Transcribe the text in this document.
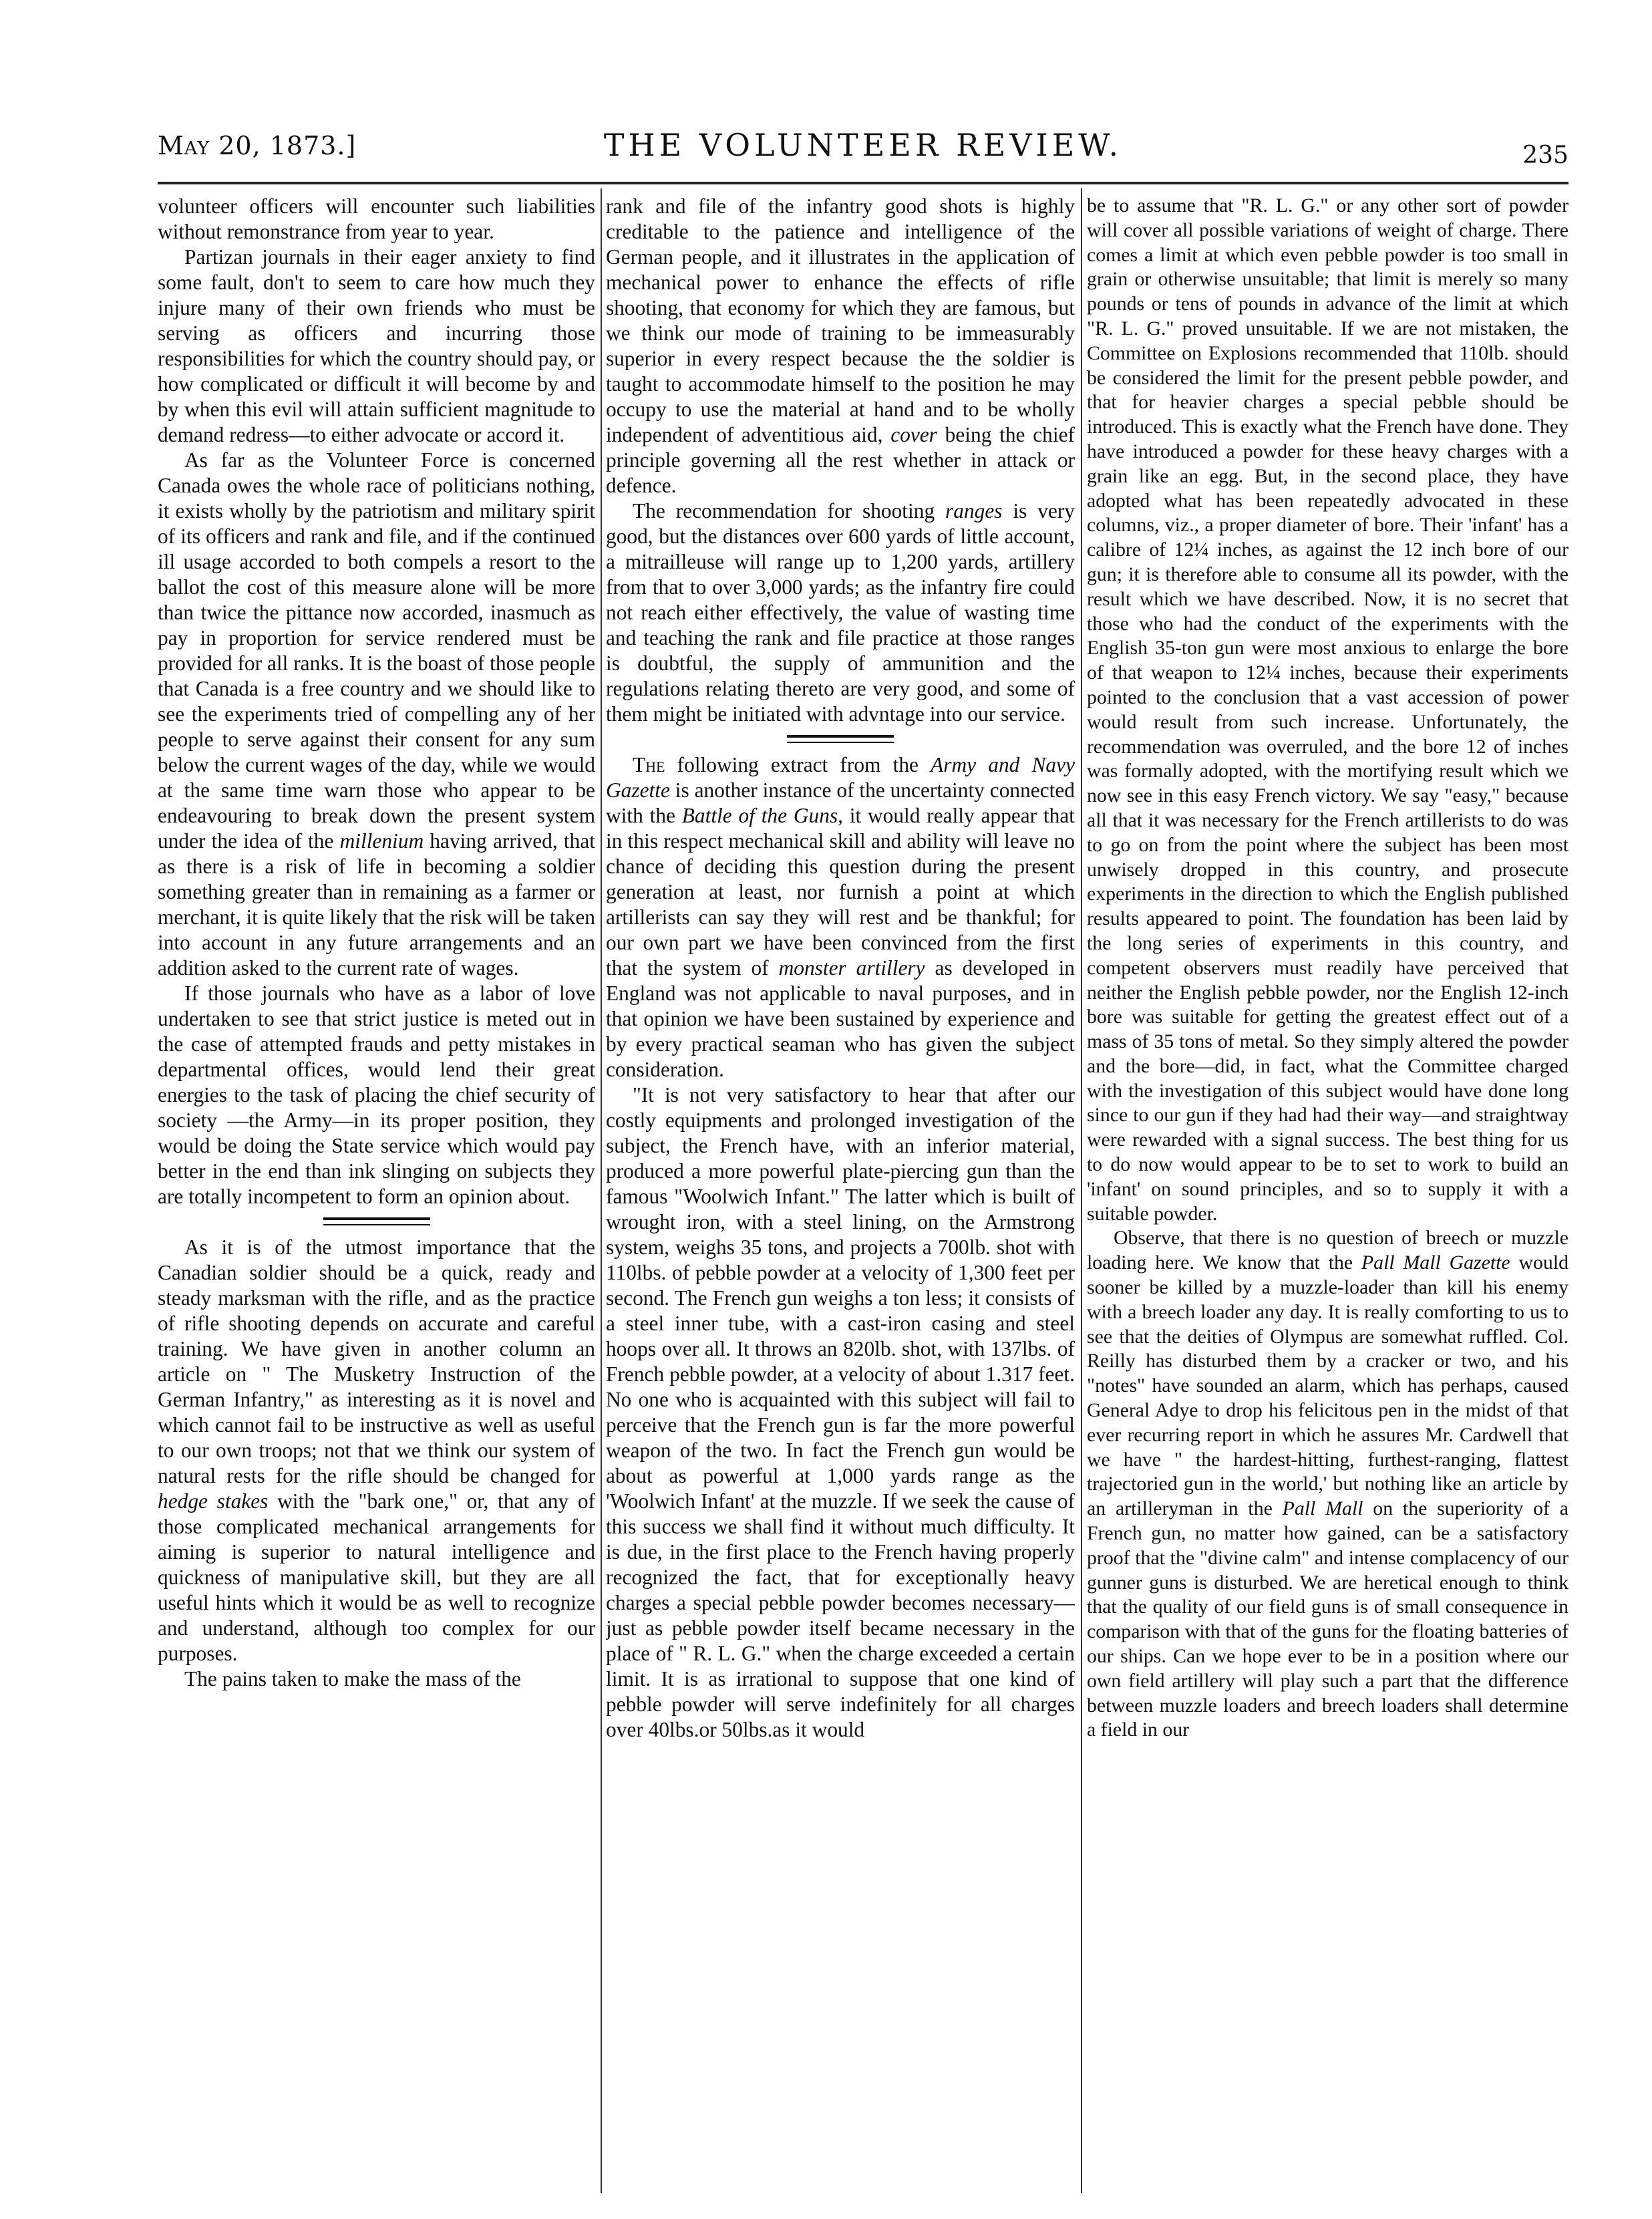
May 20, 1873.]	THE VOLUNTEER REVIEW.	235

volunteer officers will encounter such liabilities without remonstrance from year to year.

Partizan journals in their eager anxiety to find some fault, don't to seem to care how much they injure many of their own friends who must be serving as officers and incurring those responsibilities for which the country should pay, or how complicated or difficult it will become by and by when this evil will attain sufficient magnitude to demand redress—to either advocate or accord it.

As far as the Volunteer Force is concerned Canada owes the whole race of politicians nothing, it exists wholly by the patriotism and military spirit of its officers and rank and file, and if the continued ill usage accorded to both compels a resort to the ballot the cost of this measure alone will be more than twice the pittance now accorded, inasmuch as pay in proportion for service rendered must be provided for all ranks. It is the boast of those people that Canada is a free country and we should like to see the experiments tried of compelling any of her people to serve against their consent for any sum below the current wages of the day, while we would at the same time warn those who appear to be endeavouring to break down the present system under the idea of the millenium having arrived, that as there is a risk of life in becoming a soldier something greater than in remaining as a farmer or merchant, it is quite likely that the risk will be taken into account in any future arrangements and an addition asked to the current rate of wages.

If those journals who have as a labor of love undertaken to see that strict justice is meted out in the case of attempted frauds and petty mistakes in departmental offices, would lend their great energies to the task of placing the chief security of society —the Army—in its proper position, they would be doing the State service which would pay better in the end than ink slinging on subjects they are totally incompetent to form an opinion about.

As it is of the utmost importance that the Canadian soldier should be a quick, ready and steady marksman with the rifle, and as the practice of rifle shooting depends on accurate and careful training. We have given in another column an article on " The Musketry Instruction of the German Infantry," as interesting as it is novel and which cannot fail to be instructive as well as useful to our own troops; not that we think our system of natural rests for the rifle should be changed for hedge stakes with the "bark one," or, that any of those complicated mechanical arrangements for aiming is superior to natural intelligence and quickness of manipulative skill, but they are all useful hints which it would be as well to recognize and understand, although too complex for our purposes.

The pains taken to make the mass of the

rank and file of the infantry good shots is highly creditable to the patience and intelligence of the German people, and it illustrates in the application of mechanical power to enhance the effects of rifle shooting, that economy for which they are famous, but we think our mode of training to be immeasurably superior in every respect because the the soldier is taught to accommodate himself to the position he may occupy to use the material at hand and to be wholly independent of adventitious aid, cover being the chief principle governing all the rest whether in attack or defence.

The recommendation for shooting ranges is very good, but the distances over 600 yards of little account, a mitrailleuse will range up to 1,200 yards, artillery from that to over 3,000 yards; as the infantry fire could not reach either effectively, the value of wasting time and teaching the rank and file practice at those ranges is doubtful, the supply of ammunition and the regulations relating thereto are very good, and some of them might be initiated with advntage into our service.

The following extract from the Army and Navy Gazette is another instance of the uncertainty connected with the Battle of the Guns, it would really appear that in this respect mechanical skill and ability will leave no chance of deciding this question during the present generation at least, nor furnish a point at which artillerists can say they will rest and be thankful; for our own part we have been convinced from the first that the system of monster artillery as developed in England was not applicable to naval purposes, and in that opinion we have been sustained by experience and by every practical seaman who has given the subject consideration.

"It is not very satisfactory to hear that after our costly equipments and prolonged investigation of the subject, the French have, with an inferior material, produced a more powerful plate-piercing gun than the famous "Woolwich Infant." The latter which is built of wrought iron, with a steel lining, on the Armstrong system, weighs 35 tons, and projects a 700lb. shot with 110lbs. of pebble powder at a velocity of 1,300 feet per second. The French gun weighs a ton less; it consists of a steel inner tube, with a cast-iron casing and steel hoops over all. It throws an 820lb. shot, with 137lbs. of French pebble powder, at a velocity of about 1.317 feet. No one who is acquainted with this subject will fail to perceive that the French gun is far the more powerful weapon of the two. In fact the French gun would be about as powerful at 1,000 yards range as the 'Woolwich Infant' at the muzzle. If we seek the cause of this success we shall find it without much difficulty. It is due, in the first place to the French having properly recognized the fact, that for exceptionally heavy charges a special pebble powder becomes necessary—just as pebble powder itself became necessary in the place of " R. L. G." when the charge exceeded a certain limit. It is as irrational to suppose that one kind of pebble powder will serve indefinitely for all charges over 40lbs.or 50lbs.as it would

be to assume that "R. L. G." or any other sort of powder will cover all possible variations of weight of charge. There comes a limit at which even pebble powder is too small in grain or otherwise unsuitable; that limit is merely so many pounds or tens of pounds in advance of the limit at which "R. L. G." proved unsuitable. If we are not mistaken, the Committee on Explosions recommended that 110lb. should be considered the limit for the present pebble powder, and that for heavier charges a special pebble should be introduced. This is exactly what the French have done. They have introduced a powder for these heavy charges with a grain like an egg. But, in the second place, they have adopted what has been repeatedly advocated in these columns, viz., a proper diameter of bore. Their 'infant' has a calibre of 12¼ inches, as against the 12 inch bore of our gun; it is therefore able to consume all its powder, with the result which we have described. Now, it is no secret that those who had the conduct of the experiments with the English 35-ton gun were most anxious to enlarge the bore of that weapon to 12¼ inches, because their experiments pointed to the conclusion that a vast accession of power would result from such increase. Unfortunately, the recommendation was overruled, and the bore 12 of inches was formally adopted, with the mortifying result which we now see in this easy French victory. We say "easy," because all that it was necessary for the French artillerists to do was to go on from the point where the subject has been most unwisely dropped in this country, and prosecute experiments in the direction to which the English published results appeared to point. The foundation has been laid by the long series of experiments in this country, and competent observers must readily have perceived that neither the English pebble powder, nor the English 12-inch bore was suitable for getting the greatest effect out of a mass of 35 tons of metal. So they simply altered the powder and the bore—did, in fact, what the Committee charged with the investigation of this subject would have done long since to our gun if they had had their way—and straightway were rewarded with a signal success. The best thing for us to do now would appear to be to set to work to build an 'infant' on sound principles, and so to supply it with a suitable powder.

Observe, that there is no question of breech or muzzle loading here. We know that the Pall Mall Gazette would sooner be killed by a muzzle-loader than kill his enemy with a breech loader any day. It is really comforting to us to see that the deities of Olympus are somewhat ruffled. Col. Reilly has disturbed them by a cracker or two, and his "notes" have sounded an alarm, which has perhaps, caused General Adye to drop his felicitous pen in the midst of that ever recurring report in which he assures Mr. Cardwell that we have " the hardest-hitting, furthest-ranging, flattest trajectoried gun in the world,' but nothing like an article by an artilleryman in the Pall Mall on the superiority of a French gun, no matter how gained, can be a satisfactory proof that the "divine calm" and intense complacency of our gunner guns is disturbed. We are heretical enough to think that the quality of our field guns is of small consequence in comparison with that of the guns for the floating batteries of our ships. Can we hope ever to be in a position where our own field artillery will play such a part that the difference between muzzle loaders and breech loaders shall determine a field in our
